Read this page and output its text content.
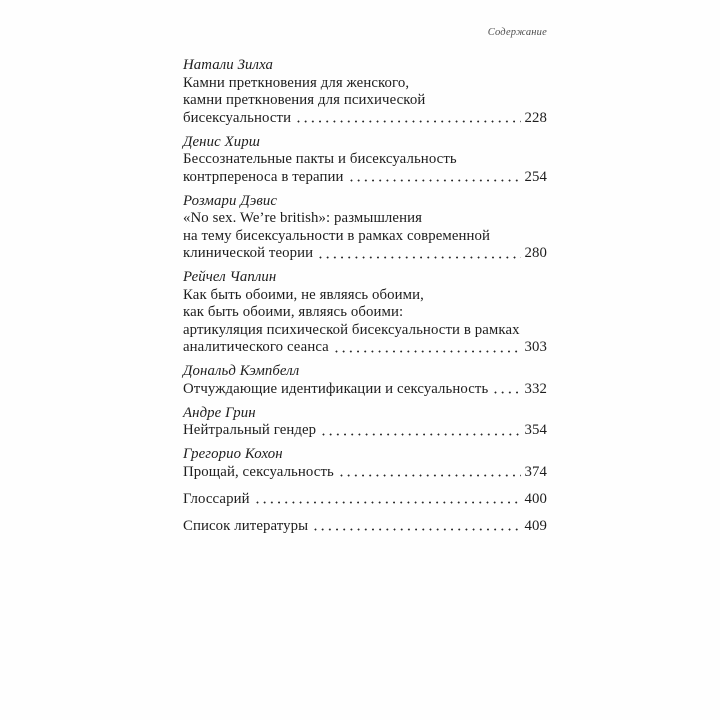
Содержание
Натали Зилха
Камни преткновения для женского,
камни преткновения для психической
бисексуальности	228
Денис Хирш
Бессознательные пакты и бисексуальность
контрпереноса в терапии	254
Розмари Дэвис
«No sex. We’re british»: размышления
на тему бисексуальности в рамках современной
клинической теории	280
Рейчел Чаплин
Как быть обоими, не являясь обоими,
как быть обоими, являясь обоими:
артикуляция психической бисексуальности в рамках
аналитического сеанса	303
Дональд Кэмпбелл
Отчуждающие идентификации и сексуальность 332
Андре Грин
Нейтральный гендер	354
Грегорио Кохон
Прощай, сексуальность	374
Глоссарий	400
Список литературы	409
